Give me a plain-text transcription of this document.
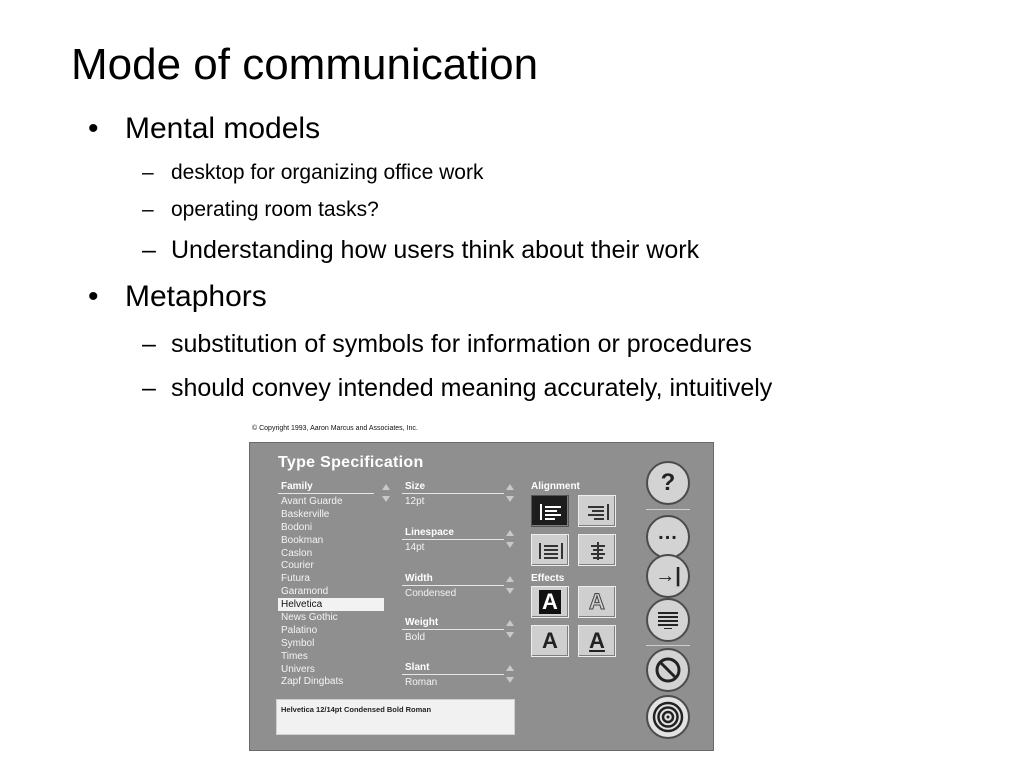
Mode of communication
• Mental models
– desktop for organizing office work
– operating room tasks?
– Understanding how users think about their work
• Metaphors
– substitution of symbols for information or procedures
– should convey intended meaning accurately, intuitively
© Copyright 1993, Aaron Marcus and Associates, Inc.
Type Specification
Family
Avant Guarde
Baskerville
Bodoni
Bookman
Caslon
Courier
Futura
Garamond
Helvetica
News Gothic
Palatino
Symbol
Times
Univers
Zapf Dingbats
Size
12pt
Linespace
14pt
Width
Condensed
Weight
Bold
Slant
Roman
Alignment
Effects
A	A
A	A
?
...
→|
Helvetica 12/14pt Condensed Bold Roman
